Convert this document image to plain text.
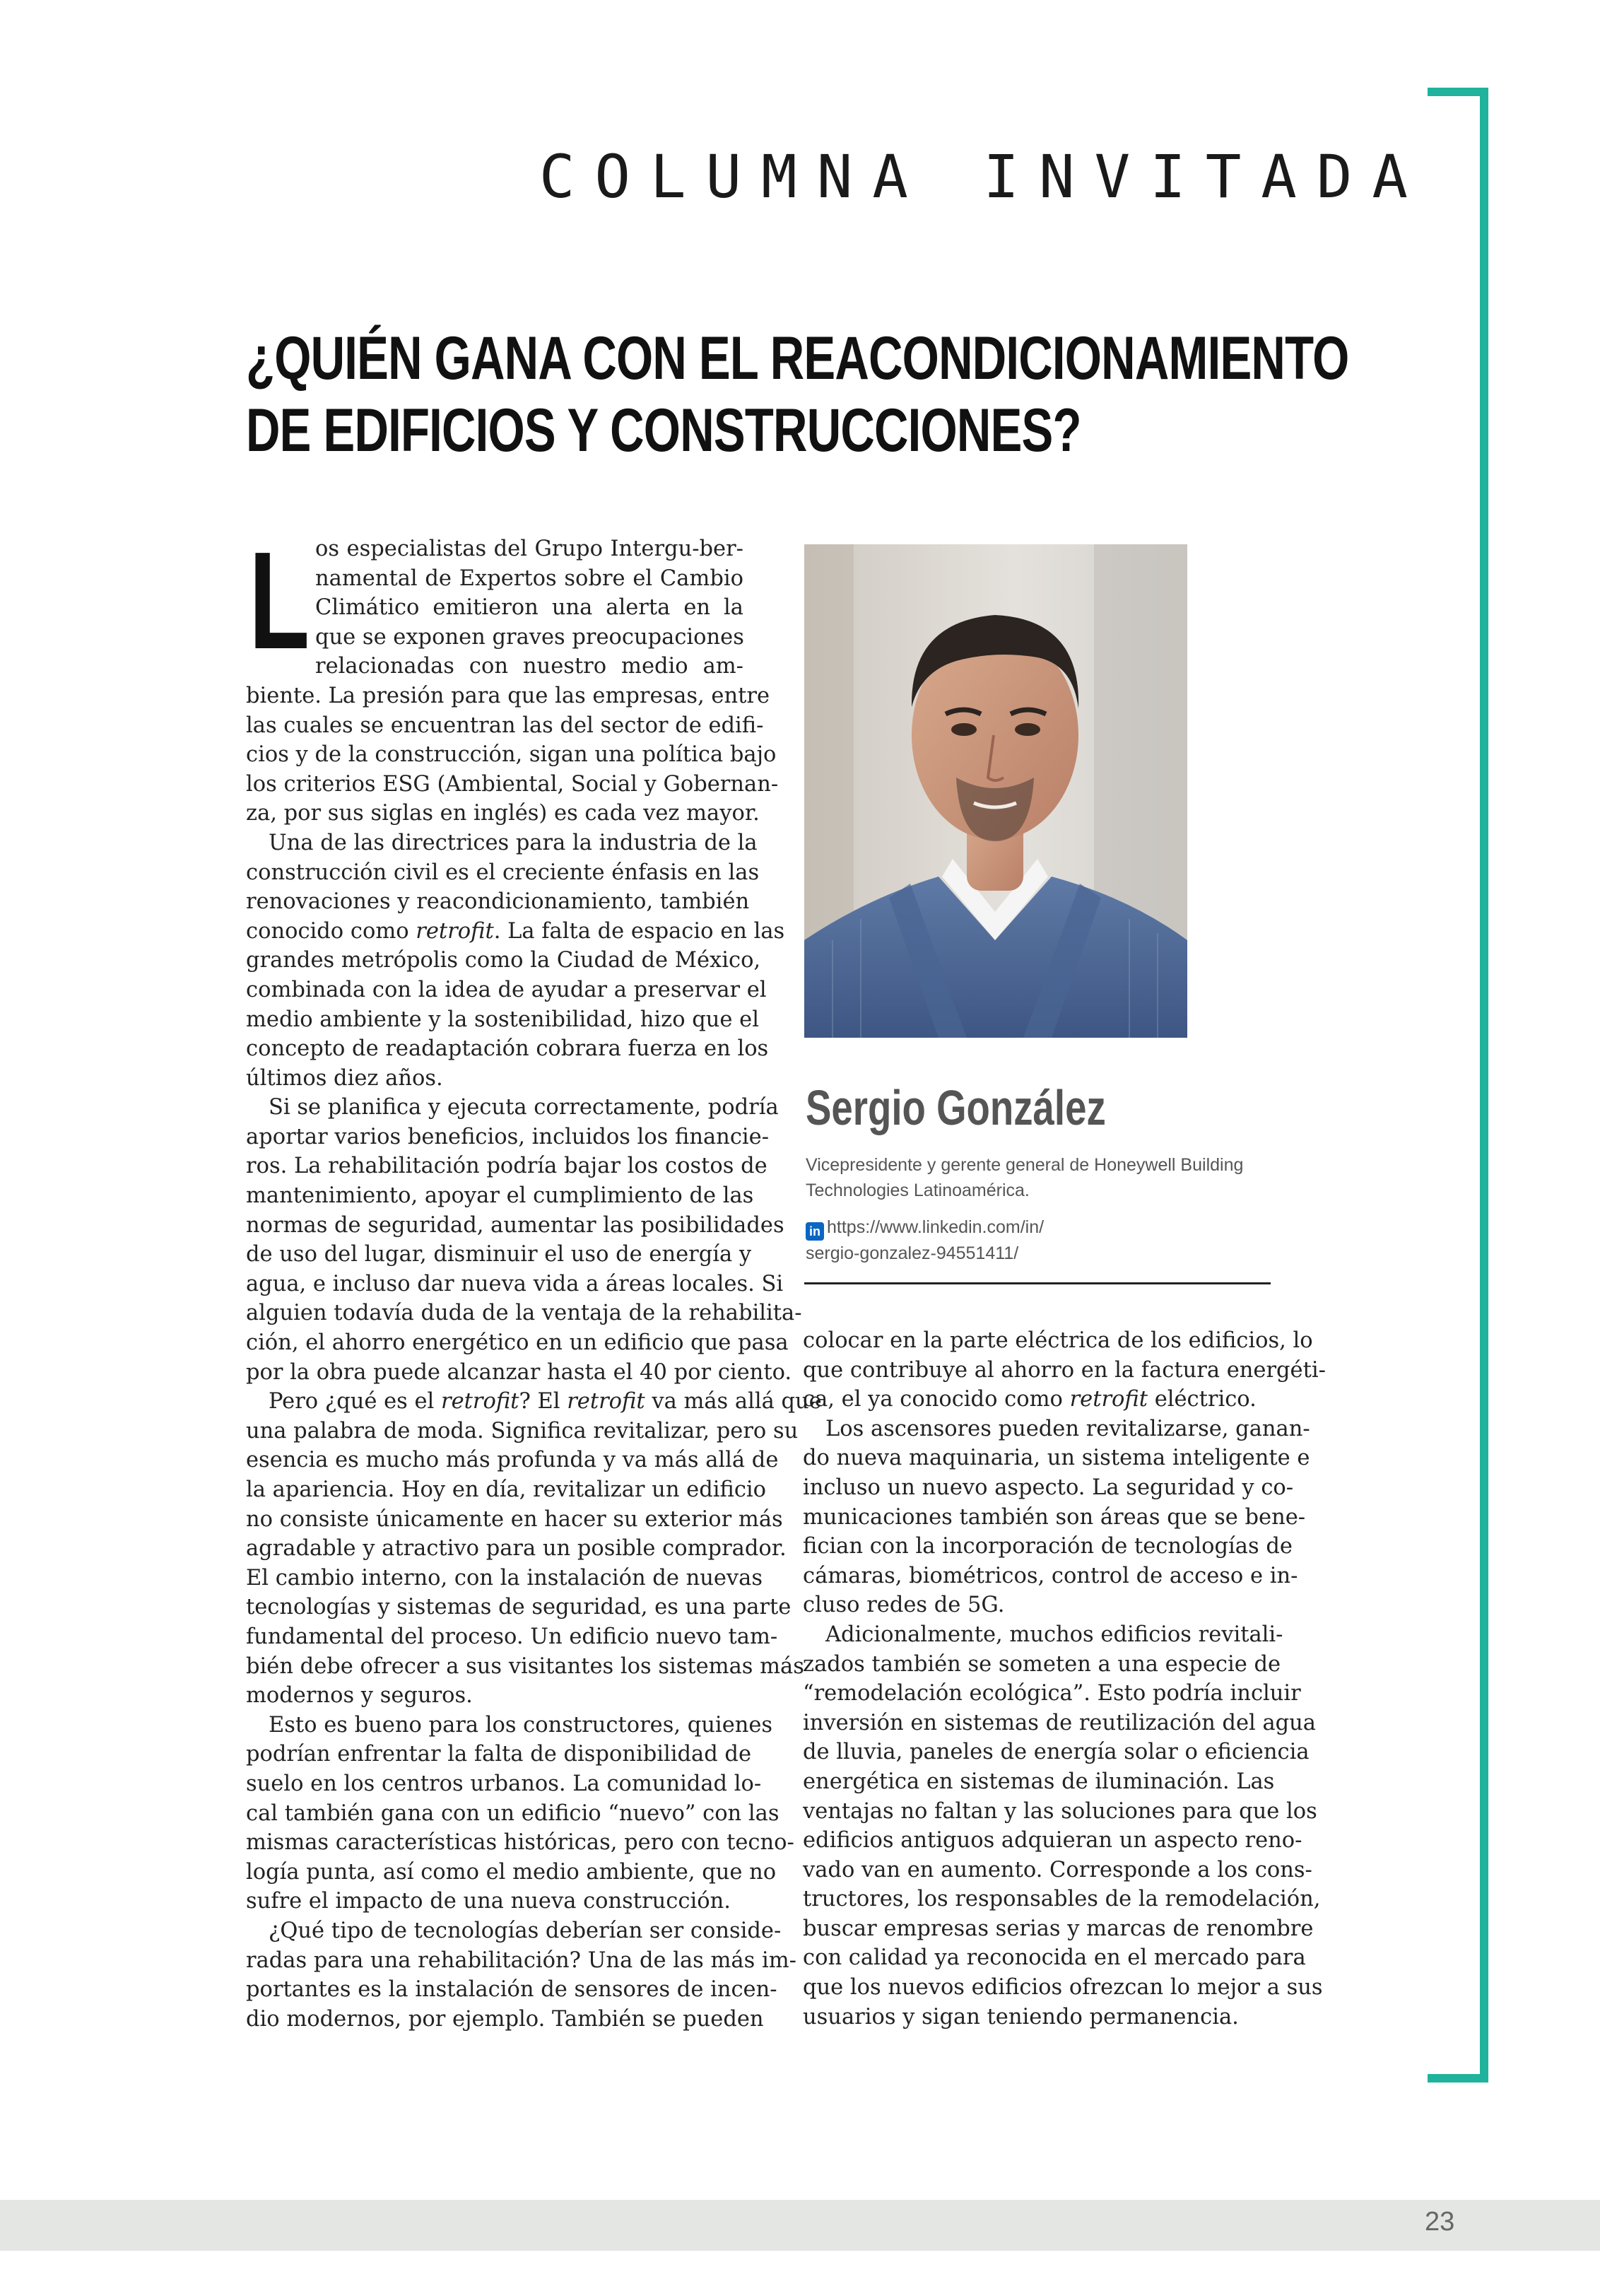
COLUMNA INVITADA
¿QUIÉN GANA CON EL REACONDICIONAMIENTO
DE EDIFICIOS Y CONSTRUCCIONES?
L os especialistas del Grupo Intergu-ber-
namental de Expertos sobre el Cambio
Climático emitieron una alerta en la
que se exponen graves preocupaciones
relacionadas con nuestro medio am-
biente. La presión para que las empresas, entre
las cuales se encuentran las del sector de edifi-
cios y de la construcción, sigan una política bajo
los criterios ESG (Ambiental, Social y Gobernan-
za, por sus siglas en inglés) es cada vez mayor.
Una de las directrices para la industria de la
construcción civil es el creciente énfasis en las
renovaciones y reacondicionamiento, también
conocido como retrofit. La falta de espacio en las
grandes metrópolis como la Ciudad de México,
combinada con la idea de ayudar a preservar el
medio ambiente y la sostenibilidad, hizo que el
concepto de readaptación cobrara fuerza en los
últimos diez años.
Si se planifica y ejecuta correctamente, podría
aportar varios beneficios, incluidos los financie-
ros. La rehabilitación podría bajar los costos de
mantenimiento, apoyar el cumplimiento de las
normas de seguridad, aumentar las posibilidades
de uso del lugar, disminuir el uso de energía y
agua, e incluso dar nueva vida a áreas locales. Si
alguien todavía duda de la ventaja de la rehabilita-
ción, el ahorro energético en un edificio que pasa
por la obra puede alcanzar hasta el 40 por ciento.
Pero ¿qué es el retrofit? El retrofit va más allá que
una palabra de moda. Significa revitalizar, pero su
esencia es mucho más profunda y va más allá de
la apariencia. Hoy en día, revitalizar un edificio
no consiste únicamente en hacer su exterior más
agradable y atractivo para un posible comprador.
El cambio interno, con la instalación de nuevas
tecnologías y sistemas de seguridad, es una parte
fundamental del proceso. Un edificio nuevo tam-
bién debe ofrecer a sus visitantes los sistemas más
modernos y seguros.
Esto es bueno para los constructores, quienes
podrían enfrentar la falta de disponibilidad de
suelo en los centros urbanos. La comunidad lo-
cal también gana con un edificio “nuevo” con las
mismas características históricas, pero con tecno-
logía punta, así como el medio ambiente, que no
sufre el impacto de una nueva construcción.
¿Qué tipo de tecnologías deberían ser conside-
radas para una rehabilitación? Una de las más im-
portantes es la instalación de sensores de incen-
dio modernos, por ejemplo. También se pueden
Sergio González
Vicepresidente y gerente general de Honeywell Building Technologies Latinoamérica.
in https://www.linkedin.com/in/
sergio-gonzalez-94551411/
colocar en la parte eléctrica de los edificios, lo
que contribuye al ahorro en la factura energéti-
ca, el ya conocido como retrofit eléctrico.
Los ascensores pueden revitalizarse, ganan-
do nueva maquinaria, un sistema inteligente e
incluso un nuevo aspecto. La seguridad y co-
municaciones también son áreas que se bene-
fician con la incorporación de tecnologías de
cámaras, biométricos, control de acceso e in-
cluso redes de 5G.
Adicionalmente, muchos edificios revitali-
zados también se someten a una especie de
“remodelación ecológica”. Esto podría incluir
inversión en sistemas de reutilización del agua
de lluvia, paneles de energía solar o eficiencia
energética en sistemas de iluminación. Las
ventajas no faltan y las soluciones para que los
edificios antiguos adquieran un aspecto reno-
vado van en aumento. Corresponde a los cons-
tructores, los responsables de la remodelación,
buscar empresas serias y marcas de renombre
con calidad ya reconocida en el mercado para
que los nuevos edificios ofrezcan lo mejor a sus
usuarios y sigan teniendo permanencia.
23
